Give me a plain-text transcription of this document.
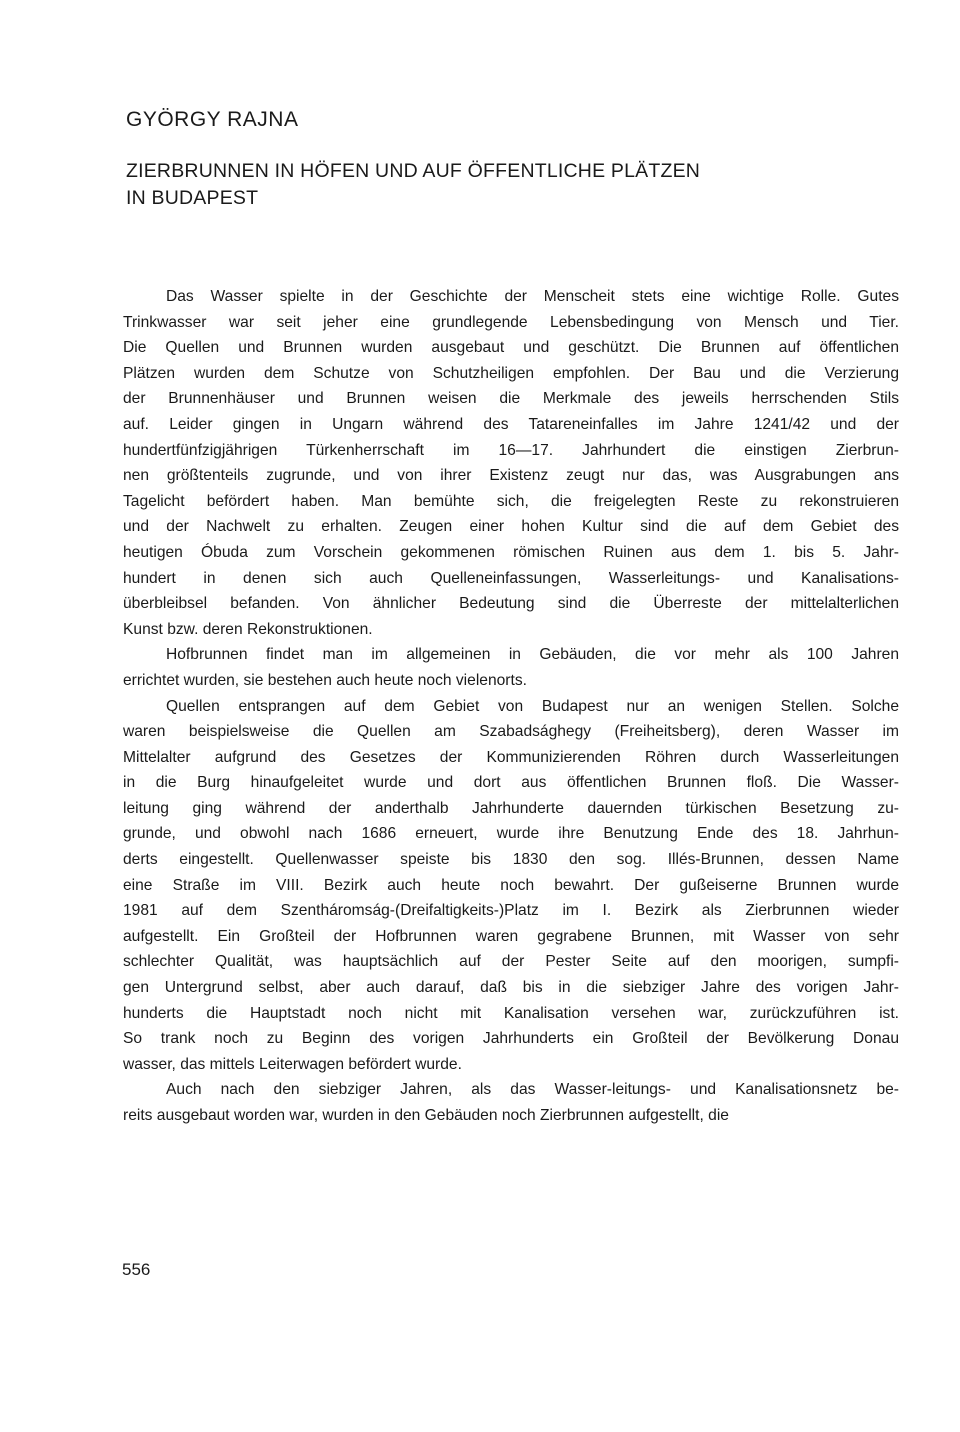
GYÖRGY RAJNA
ZIERBRUNNEN IN HÖFEN UND AUF ÖFFENTLICHE PLÄTZEN
IN BUDAPEST
Das Wasser spielte in der Geschichte der Menscheit stets eine wichtige Rolle. Gutes
Trinkwasser war seit jeher eine grundlegende Lebensbedingung von Mensch und Tier.
Die Quellen und Brunnen wurden ausgebaut und geschützt. Die Brunnen auf öffentlichen
Plätzen wurden dem Schutze von Schutzheiligen empfohlen. Der Bau und die Verzierung
der Brunnenhäuser und Brunnen weisen die Merkmale des jeweils herrschenden Stils
auf. Leider gingen in Ungarn während des Tatareneinfalles im Jahre 1241/42 und der
hundertfünfzigjährigen Türkenherrschaft im 16—17. Jahrhundert die einstigen Zierbrun-
nen größtenteils zugrunde, und von ihrer Existenz zeugt nur das, was Ausgrabungen ans
Tagelicht befördert haben. Man bemühte sich, die freigelegten Reste zu rekonstruieren
und der Nachwelt zu erhalten. Zeugen einer hohen Kultur sind die auf dem Gebiet des
heutigen Óbuda zum Vorschein gekommenen römischen Ruinen aus dem 1. bis 5. Jahr-
hundert in denen sich auch Quelleneinfassungen, Wasserleitungs- und Kanalisations-
überbleibsel befanden. Von ähnlicher Bedeutung sind die Überreste der mittelalterlichen
Kunst bzw. deren Rekonstruktionen.
Hofbrunnen findet man im allgemeinen in Gebäuden, die vor mehr als 100 Jahren
errichtet wurden, sie bestehen auch heute noch vielenorts.
Quellen entsprangen auf dem Gebiet von Budapest nur an wenigen Stellen. Solche
waren beispielsweise die Quellen am Szabadsághegy (Freiheitsberg), deren Wasser im
Mittelalter aufgrund des Gesetzes der Kommunizierenden Röhren durch Wasserleitungen
in die Burg hinaufgeleitet wurde und dort aus öffentlichen Brunnen floß. Die Wasser-
leitung ging während der anderthalb Jahrhunderte dauernden türkischen Besetzung zu-
grunde, und obwohl nach 1686 erneuert, wurde ihre Benutzung Ende des 18. Jahrhun-
derts eingestellt. Quellenwasser speiste bis 1830 den sog. Illés-Brunnen, dessen Name
eine Straße im VIII. Bezirk auch heute noch bewahrt. Der gußeiserne Brunnen wurde
1981 auf dem Szentháromság-(Dreifaltigkeits-)Platz im I. Bezirk als Zierbrunnen wieder
aufgestellt. Ein Großteil der Hofbrunnen waren gegrabene Brunnen, mit Wasser von sehr
schlechter Qualität, was hauptsächlich auf der Pester Seite auf den moorigen, sumpfi-
gen Untergrund selbst, aber auch darauf, daß bis in die siebziger Jahre des vorigen Jahr-
hunderts die Hauptstadt noch nicht mit Kanalisation versehen war, zurückzuführen ist.
So trank noch zu Beginn des vorigen Jahrhunderts ein Großteil der Bevölkerung Donau
wasser, das mittels Leiterwagen befördert wurde.
Auch nach den siebziger Jahren, als das Wasser-leitungs- und Kanalisationsnetz be-
reits ausgebaut worden war, wurden in den Gebäuden noch Zierbrunnen aufgestellt, die

556
